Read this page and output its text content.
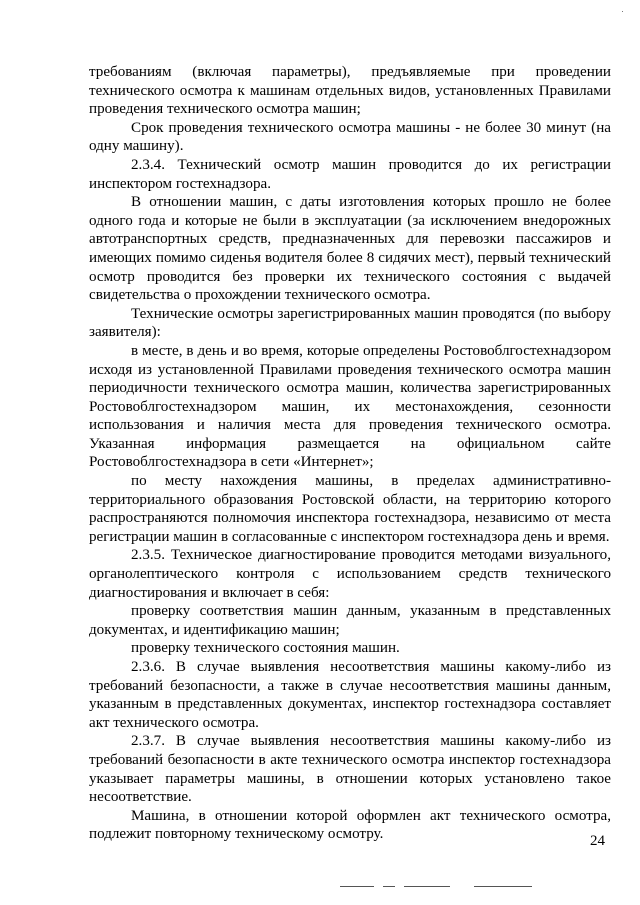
требованиям (включая параметры), предъявляемые при проведении технического осмотра к машинам отдельных видов, установленных Правилами проведения технического осмотра машин;

Срок проведения технического осмотра машины - не более 30 минут (на одну машину).

2.3.4. Технический осмотр машин проводится до их регистрации инспектором гостехнадзора.

В отношении машин, с даты изготовления которых прошло не более одного года и которые не были в эксплуатации (за исключением внедорожных автотранспортных средств, предназначенных для перевозки пассажиров и имеющих помимо сиденья водителя более 8 сидячих мест), первый технический осмотр проводится без проверки их технического состояния с выдачей свидетельства о прохождении технического осмотра.

Технические осмотры зарегистрированных машин проводятся (по выбору заявителя):

в месте, в день и во время, которые определены Ростовоблгостехнадзором исходя из установленной Правилами проведения технического осмотра машин периодичности технического осмотра машин, количества зарегистрированных Ростовоблгостехнадзором машин, их местонахождения, сезонности использования и наличия места для проведения технического осмотра. Указанная информация размещается на официальном сайте Ростовоблгостехнадзора в сети «Интернет»;

по месту нахождения машины, в пределах административно-территориального образования Ростовской области, на территорию которого распространяются полномочия инспектора гостехнадзора, независимо от места регистрации машин в согласованные с инспектором гостехнадзора день и время.

2.3.5. Техническое диагностирование проводится методами визуального, органолептического контроля с использованием средств технического диагностирования и включает в себя:

проверку соответствия машин данным, указанным в представленных документах, и идентификацию машин;

проверку технического состояния машин.

2.3.6. В случае выявления несоответствия машины какому-либо из требований безопасности, а также в случае несоответствия машины данным, указанным в представленных документах, инспектор гостехнадзора составляет акт технического осмотра.

2.3.7. В случае выявления несоответствия машины какому-либо из требований безопасности в акте технического осмотра инспектор гостехнадзора указывает параметры машины, в отношении которых установлено такое несоответствие.

Машина, в отношении которой оформлен акт технического осмотра, подлежит повторному техническому осмотру.	24
